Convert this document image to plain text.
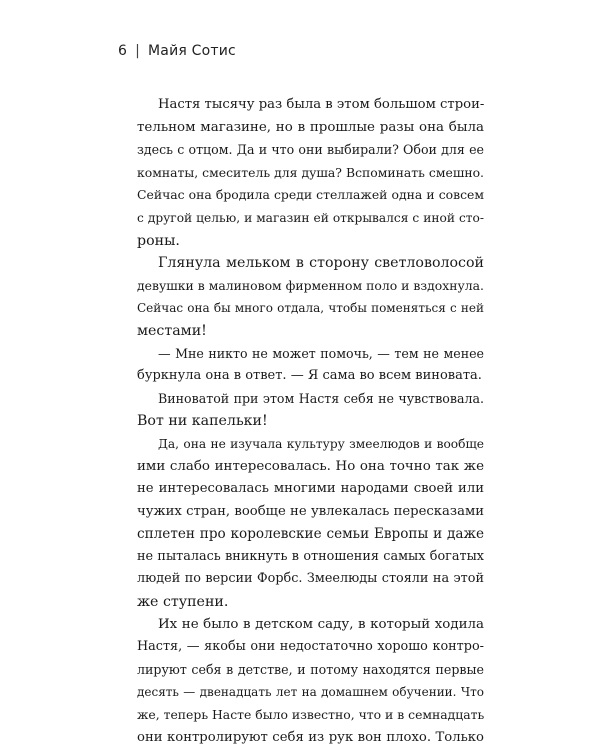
6 | Майя Сотис
Настя тысячу раз была в этом большом строи-
тельном магазине, но в прошлые разы она была
здесь с отцом. Да и что они выбирали? Обои для ее
комнаты, смеситель для душа? Вспоминать смешно.
Сейчас она бродила среди стеллажей одна и совсем
с другой целью, и магазин ей открывался с иной сто-
роны.
Глянула мельком в сторону светловолосой
девушки в малиновом фирменном поло и вздохнула.
Сейчас она бы много отдала, чтобы поменяться с ней
местами!
— Мне никто не может помочь, — тем не менее
буркнула она в ответ. — Я сама во всем виновата.
Виноватой при этом Настя себя не чувствовала.
Вот ни капельки!
Да, она не изучала культуру змеелюдов и вообще
ими слабо интересовалась. Но она точно так же
не интересовалась многими народами своей или
чужих стран, вообще не увлекалась пересказами
сплетен про королевские семьи Европы и даже
не пыталась вникнуть в отношения самых богатых
людей по версии Форбс. Змеелюды стояли на этой
же ступени.
Их не было в детском саду, в который ходила
Настя, — якобы они недостаточно хорошо контро-
лируют себя в детстве, и потому находятся первые
десять — двенадцать лет на домашнем обучении. Что
же, теперь Насте было известно, что и в семнадцать
они контролируют себя из рук вон плохо. Только
